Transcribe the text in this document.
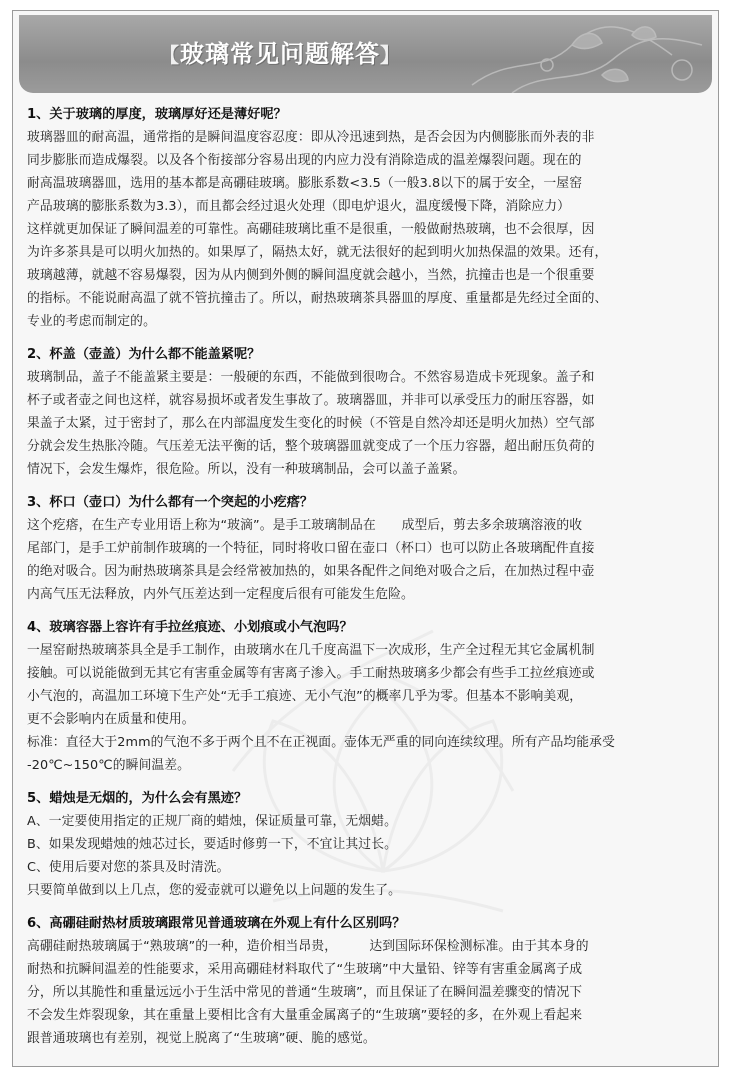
【玻璃常见问题解答】

1、关于玻璃的厚度，玻璃厚好还是薄好呢？

玻璃器皿的耐高温，通常指的是瞬间温度容忍度：即从冷迅速到热，是否会因为内侧膨胀而外表的非
同步膨胀而造成爆裂。以及各个衔接部分容易出现的内应力没有消除造成的温差爆裂问题。现在的
耐高温玻璃器皿，选用的基本都是高硼硅玻璃。膨胀系数<3.5（一般3.8以下的属于安全，一屋窑
产品玻璃的膨胀系数为3.3），而且都会经过退火处理（即电炉退火，温度缓慢下降，消除应力）
这样就更加保证了瞬间温差的可靠性。高硼硅玻璃比重不是很重，一般做耐热玻璃，也不会很厚，因
为许多茶具是可以明火加热的。如果厚了，隔热太好，就无法很好的起到明火加热保温的效果。还有，
玻璃越薄，就越不容易爆裂，因为从内侧到外侧的瞬间温度就会越小，当然，抗撞击也是一个很重要
的指标。不能说耐高温了就不管抗撞击了。所以，耐热玻璃茶具器皿的厚度、重量都是先经过全面的、
专业的考虑而制定的。

2、杯盖（壶盖）为什么都不能盖紧呢？

玻璃制品，盖子不能盖紧主要是：一般硬的东西，不能做到很吻合。不然容易造成卡死现象。盖子和
杯子或者壶之间也这样，就容易损坏或者发生事故了。玻璃器皿，并非可以承受压力的耐压容器，如
果盖子太紧，过于密封了，那么在内部温度发生变化的时候（不管是自然冷却还是明火加热）空气部
分就会发生热胀冷随。气压差无法平衡的话，整个玻璃器皿就变成了一个压力容器，超出耐压负荷的
情况下，会发生爆炸，很危险。所以，没有一种玻璃制品，会可以盖子盖紧。

3、杯口（壶口）为什么都有一个突起的小疙瘩？

这个疙瘩，在生产专业用语上称为“玻滴”。是手工玻璃制品在　　成型后，剪去多余玻璃溶液的收
尾部门，是手工炉前制作玻璃的一个特征，同时将收口留在壶口（杯口）也可以防止各玻璃配件直接
的绝对吸合。因为耐热玻璃茶具是会经常被加热的，如果各配件之间绝对吸合之后，在加热过程中壶
内高气压无法释放，内外气压差达到一定程度后很有可能发生危险。

4、玻璃容器上容许有手拉丝痕迹、小划痕或小气泡吗？

一屋窑耐热玻璃茶具全是手工制作，由玻璃水在几千度高温下一次成形，生产全过程无其它金属机制
接触。可以说能做到无其它有害重金属等有害离子渗入。手工耐热玻璃多少都会有些手工拉丝痕迹或
小气泡的，高温加工环境下生产处“无手工痕迹、无小气泡”的概率几乎为零。但基本不影响美观，
更不会影响内在质量和使用。
标准：直径大于2mm的气泡不多于两个且不在正视面。壶体无严重的同向连续纹理。所有产品均能承受
-20℃~150℃的瞬间温差。

5、蜡烛是无烟的，为什么会有黑迹？

A、一定要使用指定的正规厂商的蜡烛，保证质量可靠，无烟蜡。
B、如果发现蜡烛的烛芯过长，要适时修剪一下，不宜让其过长。
C、使用后要对您的茶具及时清洗。
只要简单做到以上几点，您的爱壶就可以避免以上问题的发生了。

6、高硼硅耐热材质玻璃跟常见普通玻璃在外观上有什么区别吗？

高硼硅耐热玻璃属于“熟玻璃”的一种，造价相当昂贵，　　　达到国际环保检测标准。由于其本身的
耐热和抗瞬间温差的性能要求，采用高硼硅材料取代了“生玻璃”中大量铅、锌等有害重金属离子成
分，所以其脆性和重量远远小于生活中常见的普通“生玻璃”，而且保证了在瞬间温差骤变的情况下
不会发生炸裂现象，其在重量上要相比含有大量重金属离子的“生玻璃”要轻的多，在外观上看起来
跟普通玻璃也有差别，视觉上脱离了“生玻璃”硬、脆的感觉。
